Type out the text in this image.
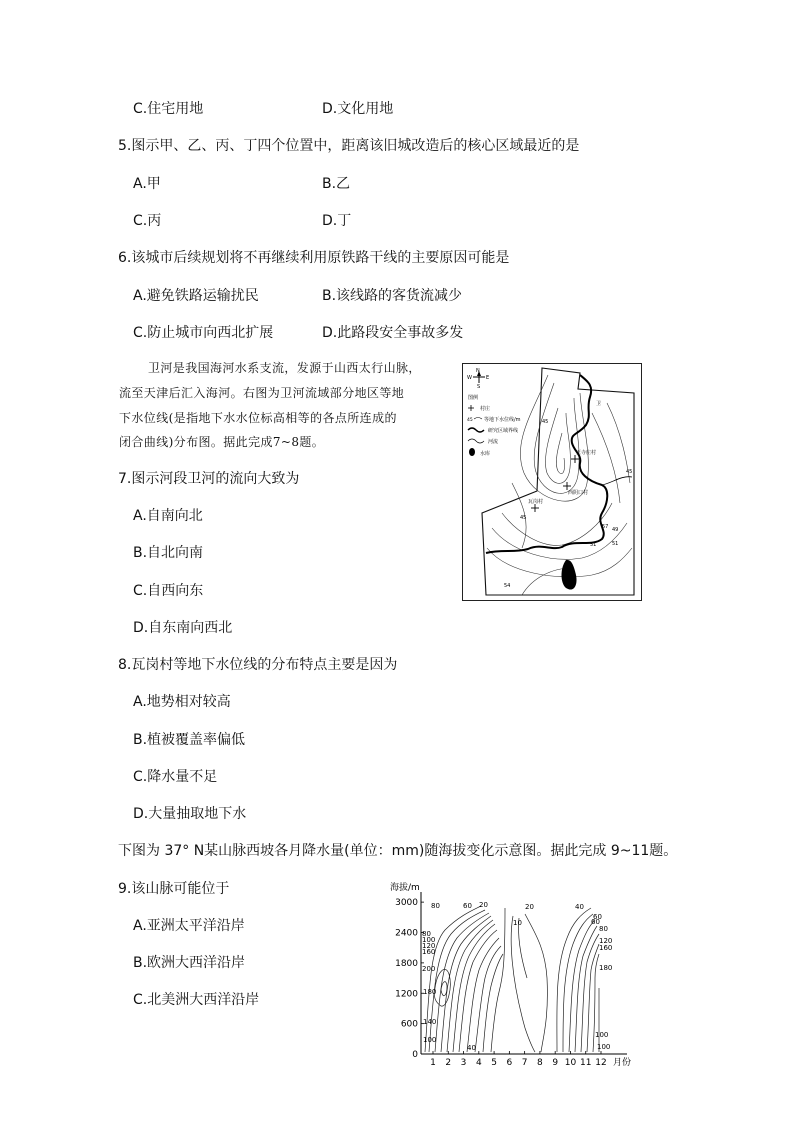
C.住宅用地	D.文化用地
5.图示甲、乙、丙、丁四个位置中，距离该旧城改造后的核心区域最近的是
A.甲	B.乙
C.丙	D.丁
6.该城市后续规划将不再继续利用原铁路干线的主要原因可能是
A.避免铁路运输扰民	B.该线路的客货流减少
C.防止城市向西北扩展	D.此路段安全事故多发
卫河是我国海河水系支流，发源于山西太行山脉，
流至天津后汇入海河。右图为卫河流域部分地区等地
下水位线(是指地下水水位标高相等的各点所连成的
闭合曲线)分布图。据此完成7~8题。
7.图示河段卫河的流向大致为
A.自南向北
B.自北向南
C.自西向东
D.自东南向西北
8.瓦岗村等地下水位线的分布特点主要是因为
A.地势相对较高
B.植被覆盖率偏低
C.降水量不足
D.大量抽取地下水
下图为 37° N某山脉西坡各月降水量(单位：mm)随海拔变化示意图。据此完成 9~11题。
9.该山脉可能位于
A.亚洲太平洋沿岸
B.欧洲大西洋沿岸
C.北美洲大西洋沿岸
N
E
W
S
图例
村庄
45 等地下水位线/m
研究区域界线
河流
水库	王寺庄村
西阴口村
瓦岗村
卫
45
45
45
49
51	51
54
57
海拔/m
0
600
1200
1800
2400
3000
1 2 3 4 5 6 7 8 9 10 11 12 月份
80	60 20
10
20	40
60
80
100
120
160
200
180
140
100
40
100
80
120
160
180
100
60
